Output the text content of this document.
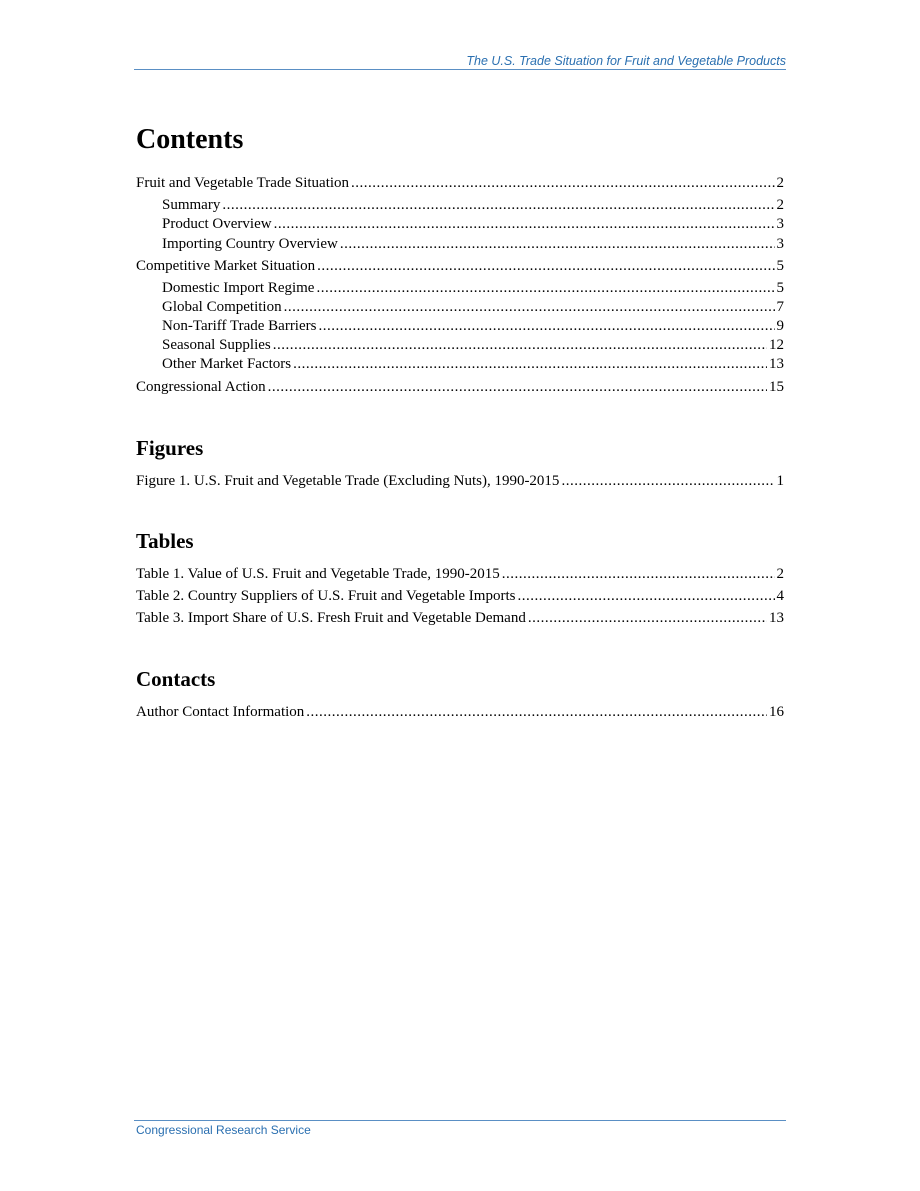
The U.S. Trade Situation for Fruit and Vegetable Products
Contents
Fruit and Vegetable Trade Situation .....	2
Summary .....	2
Product Overview .....	3
Importing Country Overview .....	3
Competitive Market Situation .....	5
Domestic Import Regime .....	5
Global Competition .....	7
Non-Tariff Trade Barriers .....	9
Seasonal Supplies .....	12
Other Market Factors .....	13
Congressional Action .....	15
Figures
Figure 1. U.S. Fruit and Vegetable Trade (Excluding Nuts), 1990-2015 .....	1
Tables
Table 1. Value of U.S. Fruit and Vegetable Trade, 1990-2015 .....	2
Table 2. Country Suppliers of U.S. Fruit and Vegetable Imports .....	4
Table 3. Import Share of U.S. Fresh Fruit and Vegetable Demand .....	13
Contacts
Author Contact Information .....	16
Congressional Research Service
